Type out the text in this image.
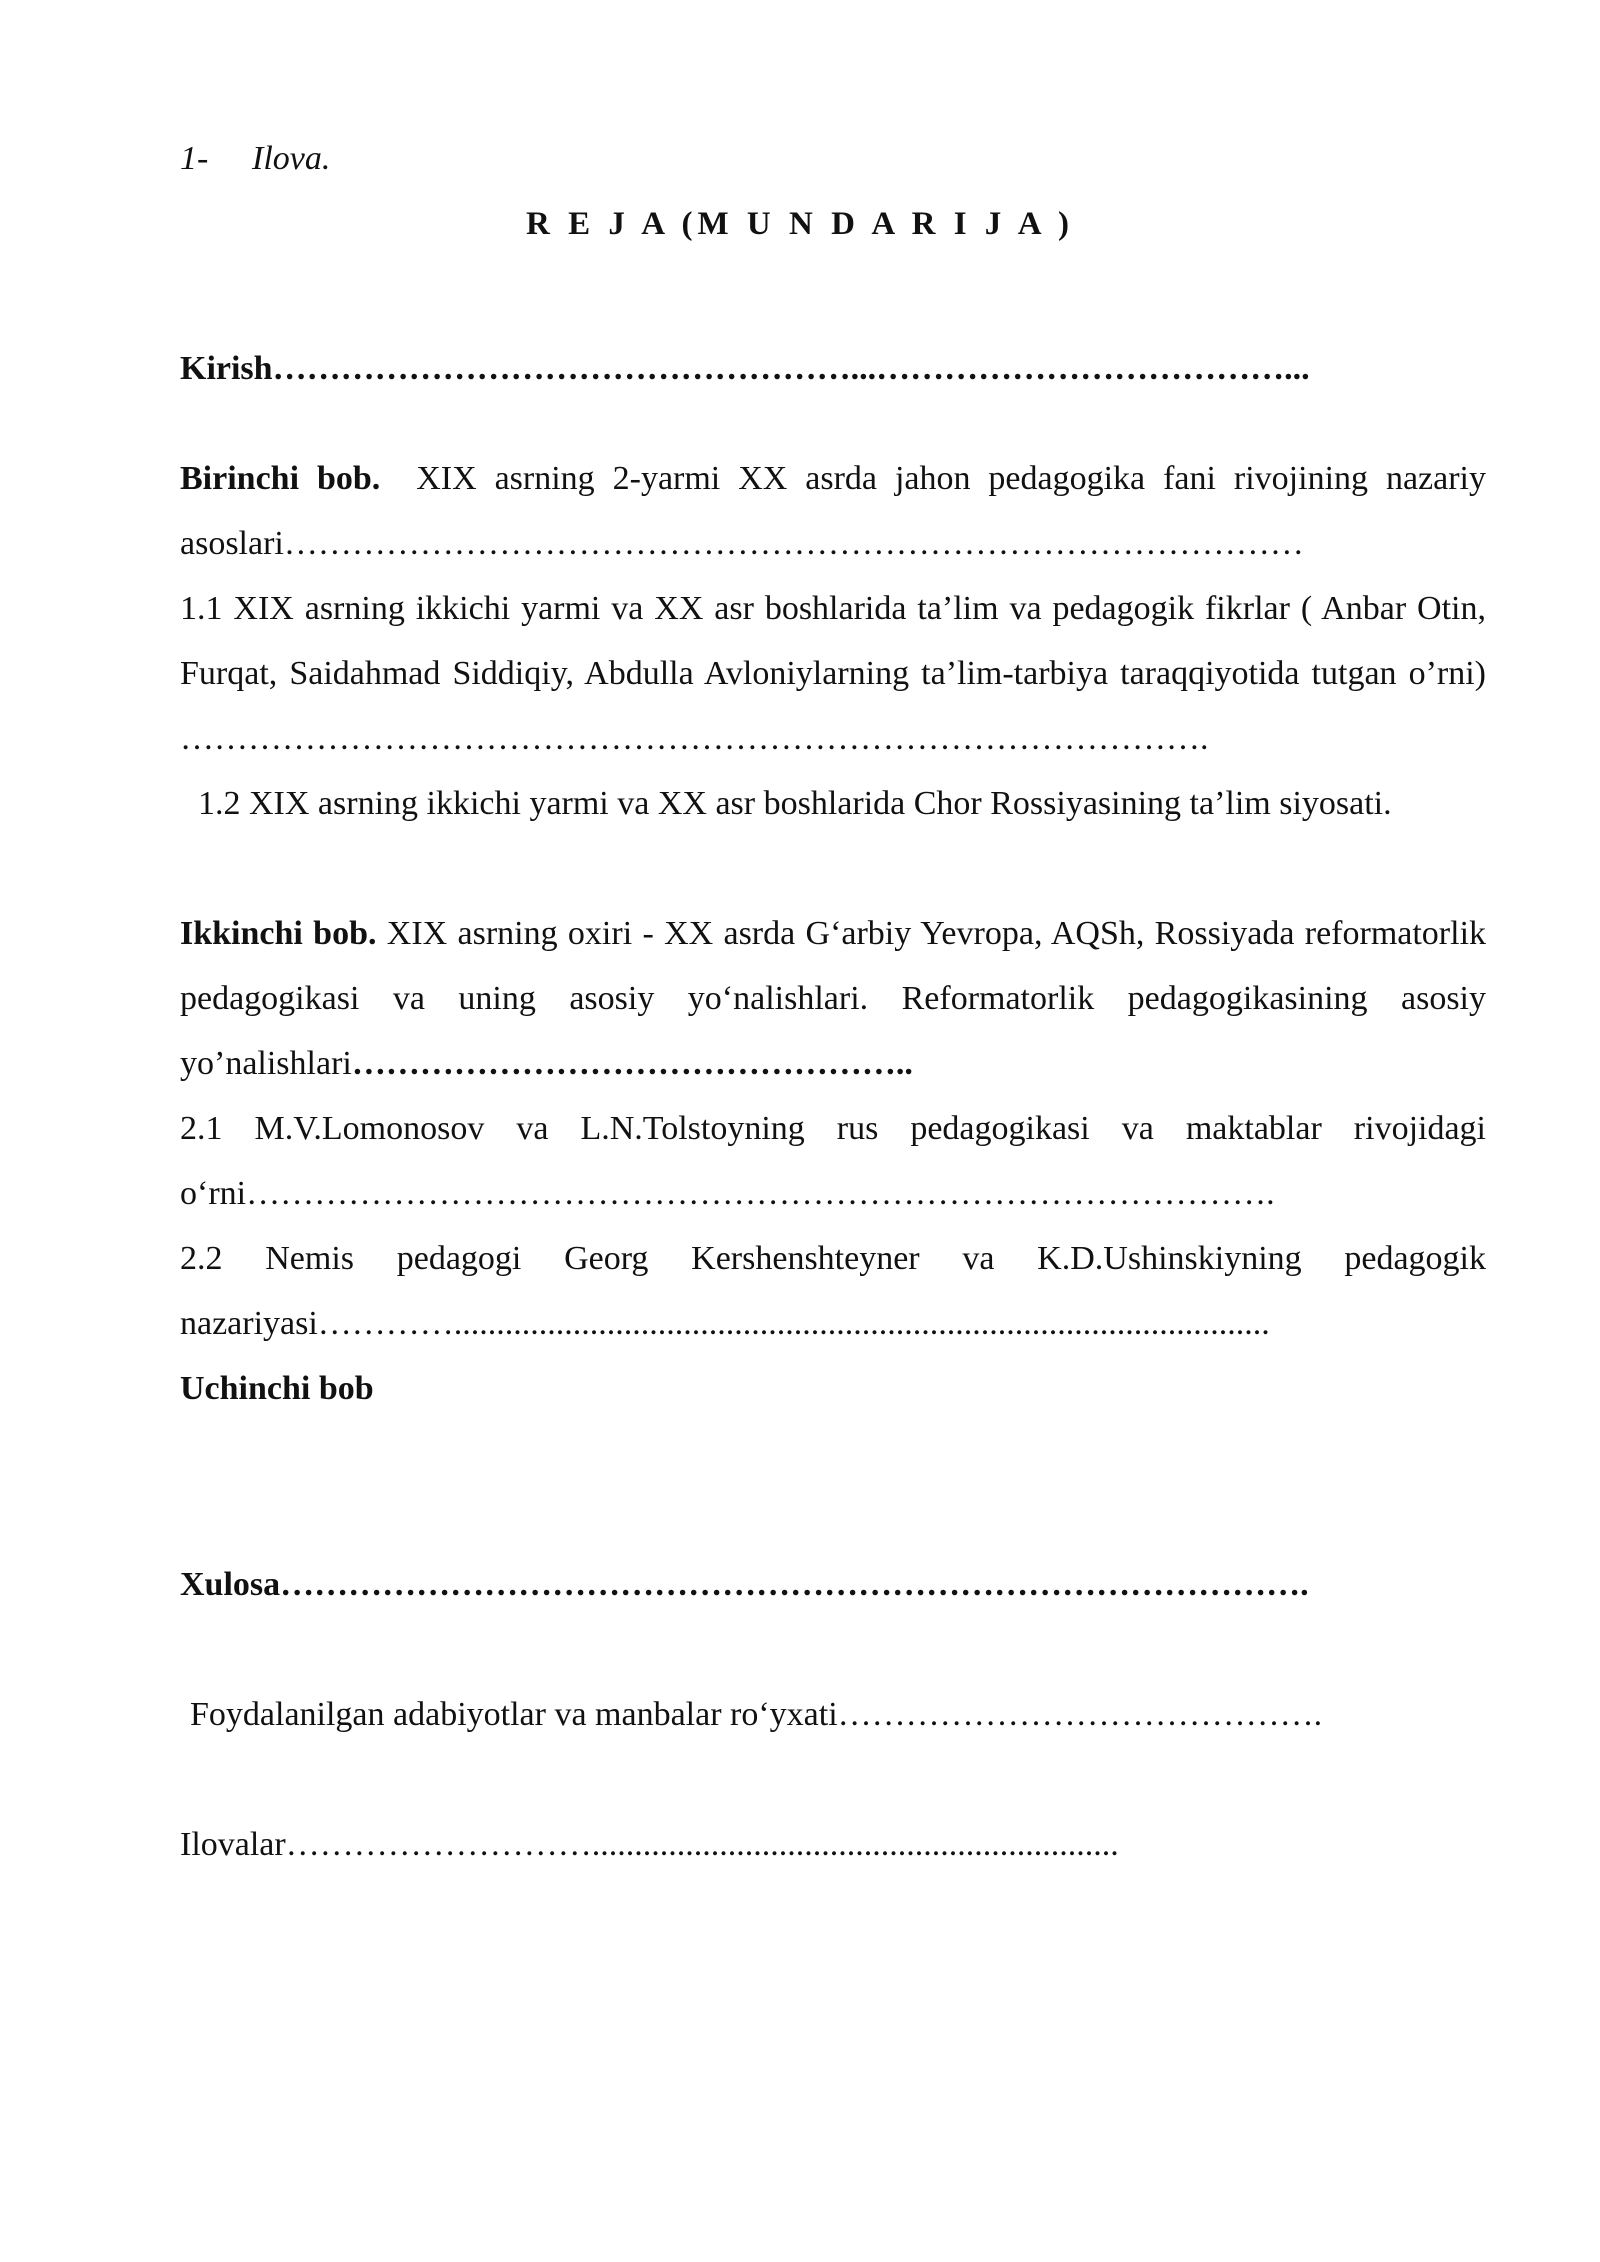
1- Ilova.

R E J A (M U N D A R I J A )

Kirish……………………………………………...………………………………...

Birinchi bob. XIX asrning 2-yarmi XX asrda jahon pedagogika fani rivojining nazariy asoslari………………………………………………………………………………

1.1 XIX asrning ikkichi yarmi va XX asr boshlarida ta’lim va pedagogik fikrlar ( Anbar Otin, Furqat, Saidahmad Siddiqiy, Abdulla Avloniylarning ta’lim-tarbiya taraqqiyotida tutgan o’rni) ……………………………………………………………………………….

1.2 XIX asrning ikkichi yarmi va XX asr boshlarida Chor Rossiyasining ta’lim siyosati.

Ikkinchi bob. XIX asrning oxiri - XX asrda G‘arbiy Yevropa, AQSh, Rossiyada reformatorlik pedagogikasi va uning asosiy yo‘nalishlari. Reformatorlik pedagogikasining asosiy yo’nalishlari…………………………………………..

2.1 M.V.Lomonosov va L.N.Tolstoyning rus pedagogikasi va maktablar rivojidagi o‘rni……………………………………………………………………………….

2.2 Nemis pedagogi Georg Kershenshteyner va K.D.Ushinskiyning pedagogik nazariyasi…………................................................................................................

Uchinchi bob

Xulosa……………………………………………………………………………….

Foydalanilgan adabiyotlar va manbalar ro‘yxati…………………………………….

Ilovalar………………………..............................................................
